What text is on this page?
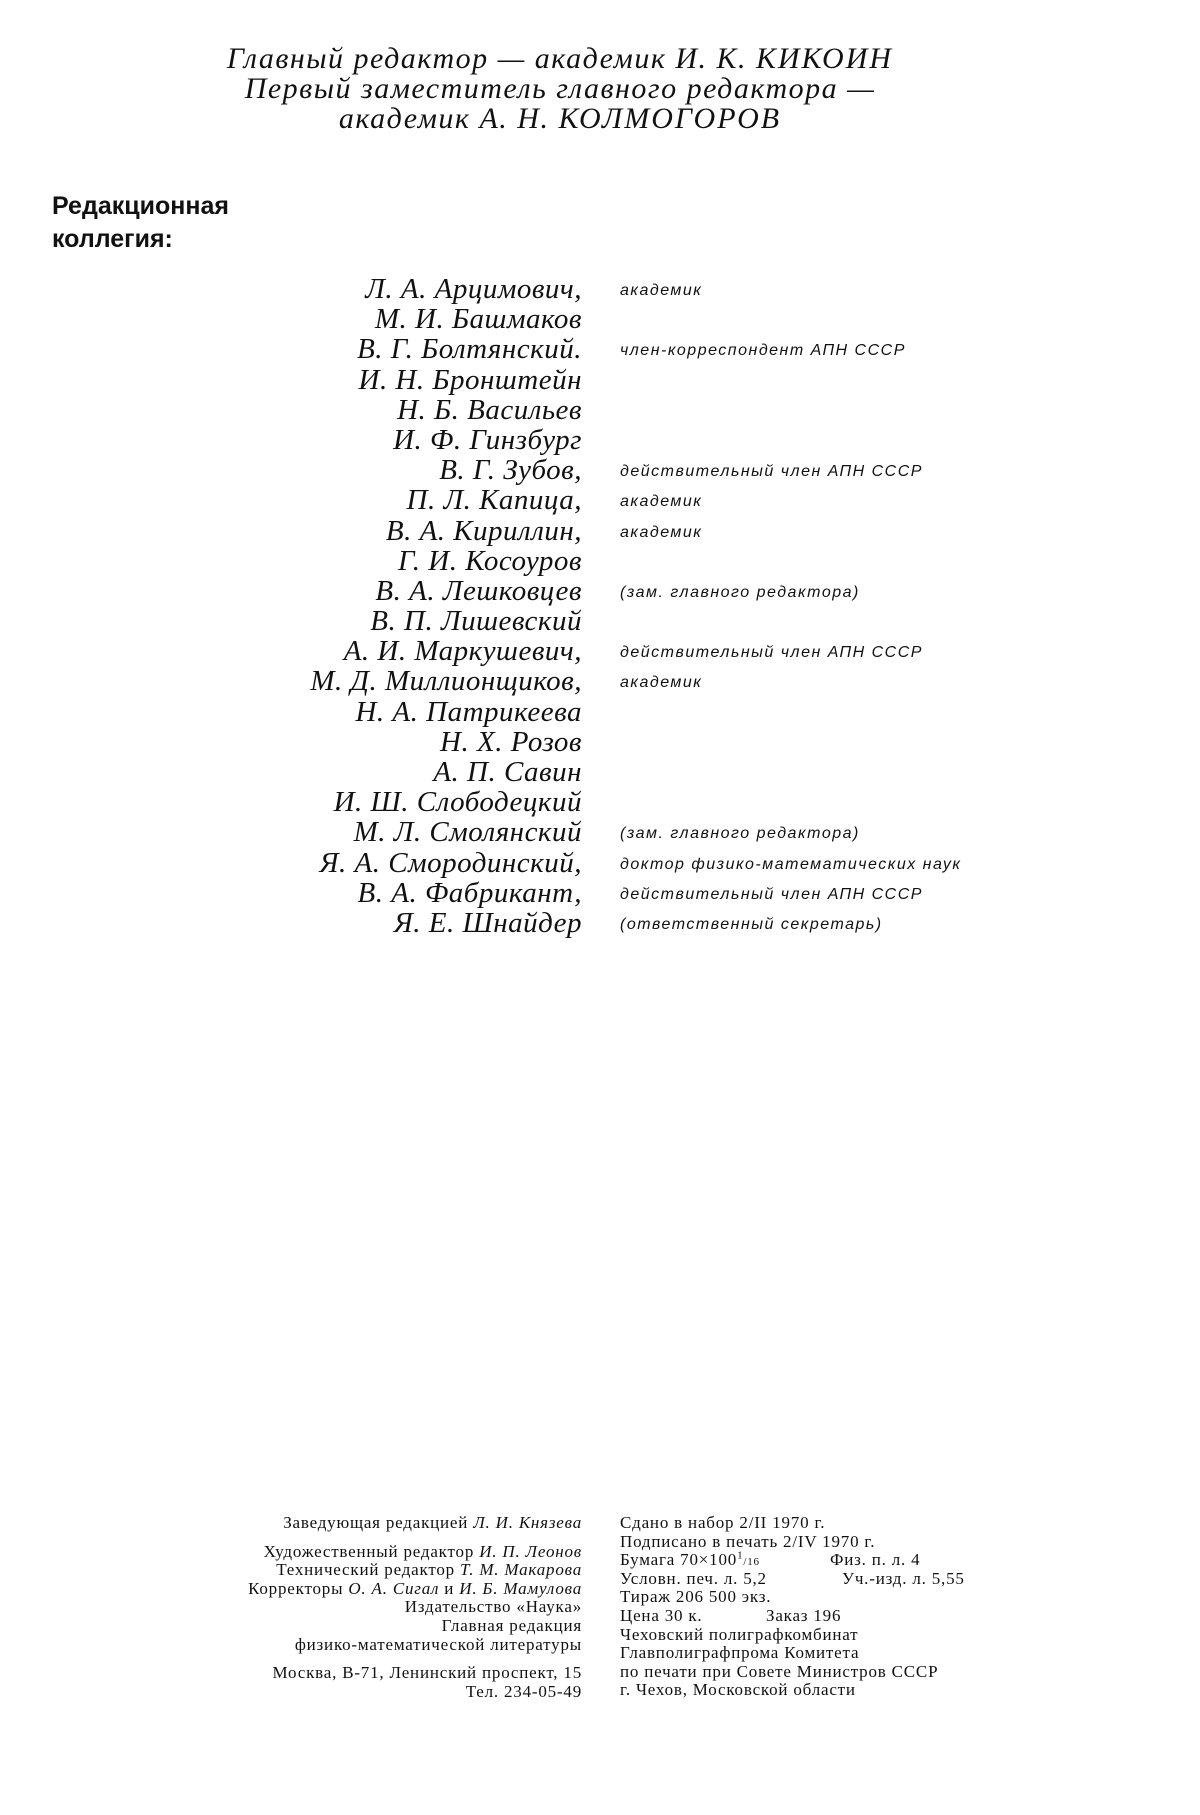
Главный редактор — академик И. К. КИКОИН
Первый заместитель главного редактора —
академик А. Н. КОЛМОГОРОВ
Редакционная
коллегия:
Л. А. Арцимович, академик
М. И. Башмаков
В. Г. Болтянский. член-корреспондент АПН СССР
И. Н. Бронштейн
Н. Б. Васильев
И. Ф. Гинзбург
В. Г. Зубов, действительный член АПН СССР
П. Л. Капица, академик
В. А. Кириллин, академик
Г. И. Косоуров
В. А. Лешковцев (зам. главного редактора)
В. П. Лишевский
А. И. Маркушевич, действительный член АПН СССР
М. Д. Миллионщиков, академик
Н. А. Патрикеева
Н. Х. Розов
А. П. Савин
И. Ш. Слободецкий
М. Л. Смолянский (зам. главного редактора)
Я. А. Смородинский, доктор физико-математических наук
В. А. Фабрикант, действительный член АПН СССР
Я. Е. Шнайдер (ответственный секретарь)
Заведующая редакцией Л. И. Князева
Художественный редактор И. П. Леонов
Технический редактор Т. М. Макарова
Корректоры О. А. Сигал и И. Б. Мамулова
Издательство «Наука»
Главная редакция
физико-математической литературы
Москва, В-71, Ленинский проспект, 15
Тел. 234-05-49
Сдано в набор 2/II 1970 г.
Подписано в печать 2/IV 1970 г.
Бумага $70\times 100^1/16$	Физ. п. л. 4
Условн. печ. л. 5,2	Уч.-изд. л. 5,55
Тираж 206 500 экз.
Цена 30 к.	Заказ 196
Чеховский полиграфкомбинат
Главполиграфпрома Комитета
по печати при Совете Министров СССР
г. Чехов, Московской области
